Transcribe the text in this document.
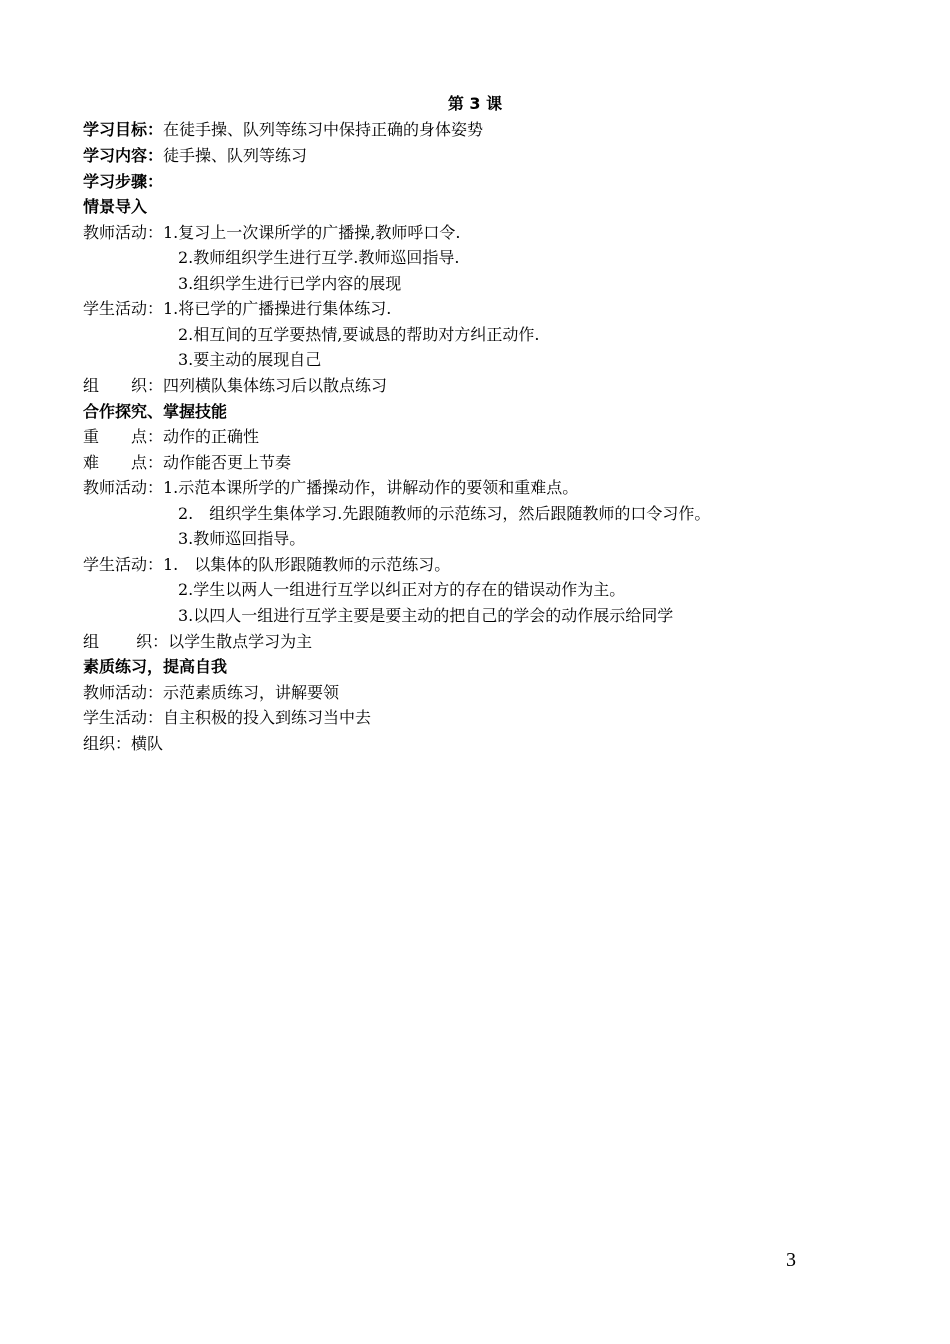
第 3 课
学习目标：在徒手操、队列等练习中保持正确的身体姿势
学习内容：徒手操、队列等练习
学习步骤：
情景导入
教师活动：1.复习上一次课所学的广播操,教师呼口令.
2.教师组织学生进行互学.教师巡回指导.
3.组织学生进行已学内容的展现
学生活动：1.将已学的广播操进行集体练习.
2.相互间的互学要热情,要诚恳的帮助对方纠正动作.
3.要主动的展现自己
组　　织：四列横队集体练习后以散点练习
合作探究、掌握技能
重　　点：动作的正确性
难　　点：动作能否更上节奏
教师活动：1.示范本课所学的广播操动作，讲解动作的要领和重难点。
2.　组织学生集体学习.先跟随教师的示范练习，然后跟随教师的口令习作。
3.教师巡回指导。
学生活动：1.　以集体的队形跟随教师的示范练习。
2.学生以两人一组进行互学以纠正对方的存在的错误动作为主。
3.以四人一组进行互学主要是要主动的把自己的学会的动作展示给同学
组　　 织：以学生散点学习为主
素质练习，提高自我
教师活动：示范素质练习，讲解要领
学生活动：自主积极的投入到练习当中去
组织：横队
3
